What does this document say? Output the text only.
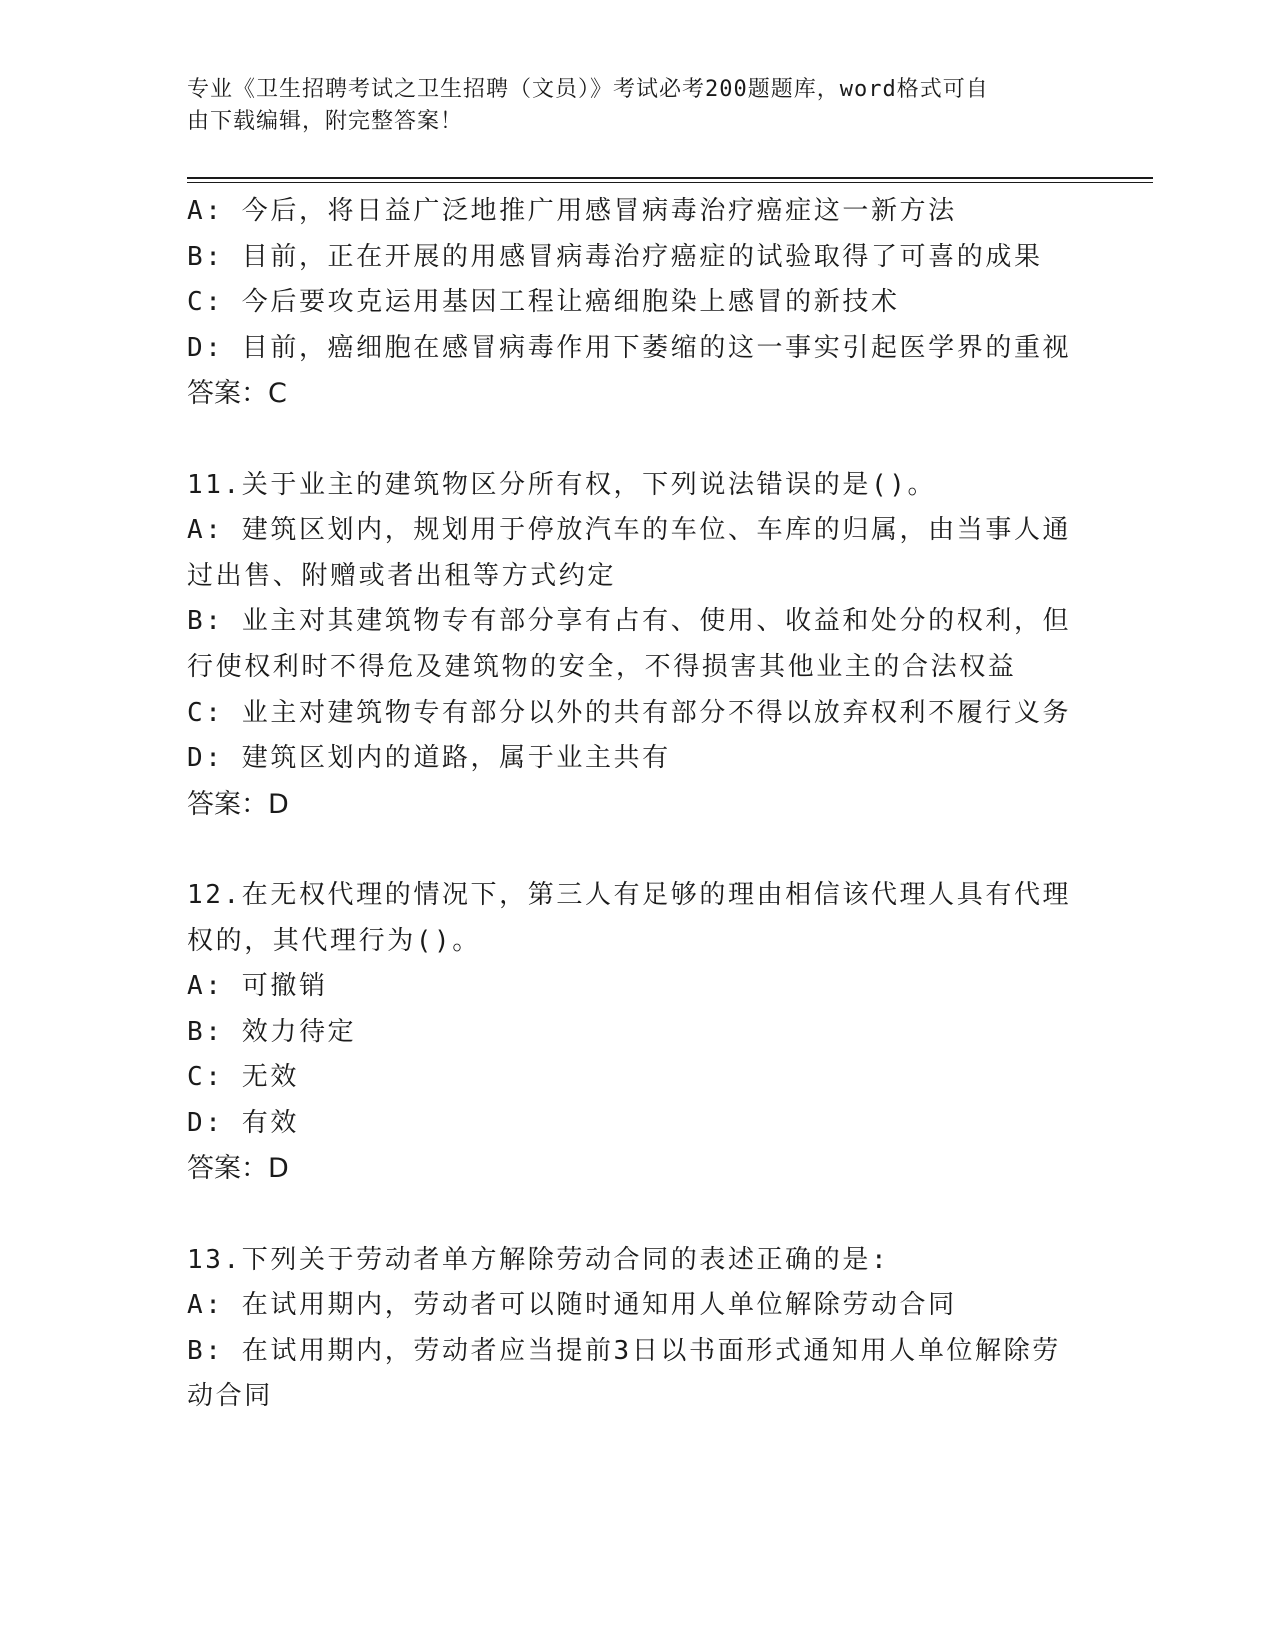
专业《卫生招聘考试之卫生招聘（文员）》考试必考200题题库，word格式可自
由下载编辑，附完整答案！
A: 今后，将日益广泛地推广用感冒病毒治疗癌症这一新方法
B: 目前，正在开展的用感冒病毒治疗癌症的试验取得了可喜的成果
C: 今后要攻克运用基因工程让癌细胞染上感冒的新技术
D: 目前，癌细胞在感冒病毒作用下萎缩的这一事实引起医学界的重视
答案：C
11.关于业主的建筑物区分所有权，下列说法错误的是()。
A: 建筑区划内，规划用于停放汽车的车位、车库的归属，由当事人通
过出售、附赠或者出租等方式约定
B: 业主对其建筑物专有部分享有占有、使用、收益和处分的权利，但
行使权利时不得危及建筑物的安全，不得损害其他业主的合法权益
C: 业主对建筑物专有部分以外的共有部分不得以放弃权利不履行义务
D: 建筑区划内的道路，属于业主共有
答案：D
12.在无权代理的情况下，第三人有足够的理由相信该代理人具有代理
权的，其代理行为()。
A: 可撤销
B: 效力待定
C: 无效
D: 有效
答案：D
13.下列关于劳动者单方解除劳动合同的表述正确的是:
A: 在试用期内，劳动者可以随时通知用人单位解除劳动合同
B: 在试用期内，劳动者应当提前3日以书面形式通知用人单位解除劳
动合同
